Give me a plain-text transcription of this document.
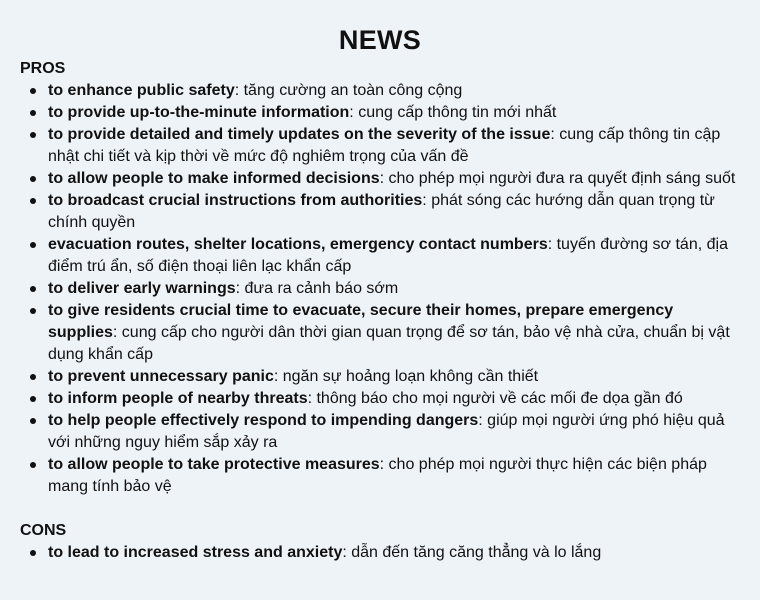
NEWS
PROS
to enhance public safety: tăng cường an toàn công cộng
to provide up-to-the-minute information: cung cấp thông tin mới nhất
to provide detailed and timely updates on the severity of the issue: cung cấp thông tin cập nhật chi tiết và kịp thời về mức độ nghiêm trọng của vấn đề
to allow people to make informed decisions: cho phép mọi người đưa ra quyết định sáng suốt
to broadcast crucial instructions from authorities: phát sóng các hướng dẫn quan trọng từ chính quyền
evacuation routes, shelter locations, emergency contact numbers: tuyến đường sơ tán, địa điểm trú ẩn, số điện thoại liên lạc khẩn cấp
to deliver early warnings: đưa ra cảnh báo sớm
to give residents crucial time to evacuate, secure their homes, prepare emergency supplies: cung cấp cho người dân thời gian quan trọng để sơ tán, bảo vệ nhà cửa, chuẩn bị vật dụng khẩn cấp
to prevent unnecessary panic: ngăn sự hoảng loạn không cần thiết
to inform people of nearby threats: thông báo cho mọi người về các mối đe dọa gần đó
to help people effectively respond to impending dangers: giúp mọi người ứng phó hiệu quả với những nguy hiểm sắp xảy ra
to allow people to take protective measures: cho phép mọi người thực hiện các biện pháp mang tính bảo vệ
CONS
to lead to increased stress and anxiety: dẫn đến tăng căng thẳng và lo lắng
